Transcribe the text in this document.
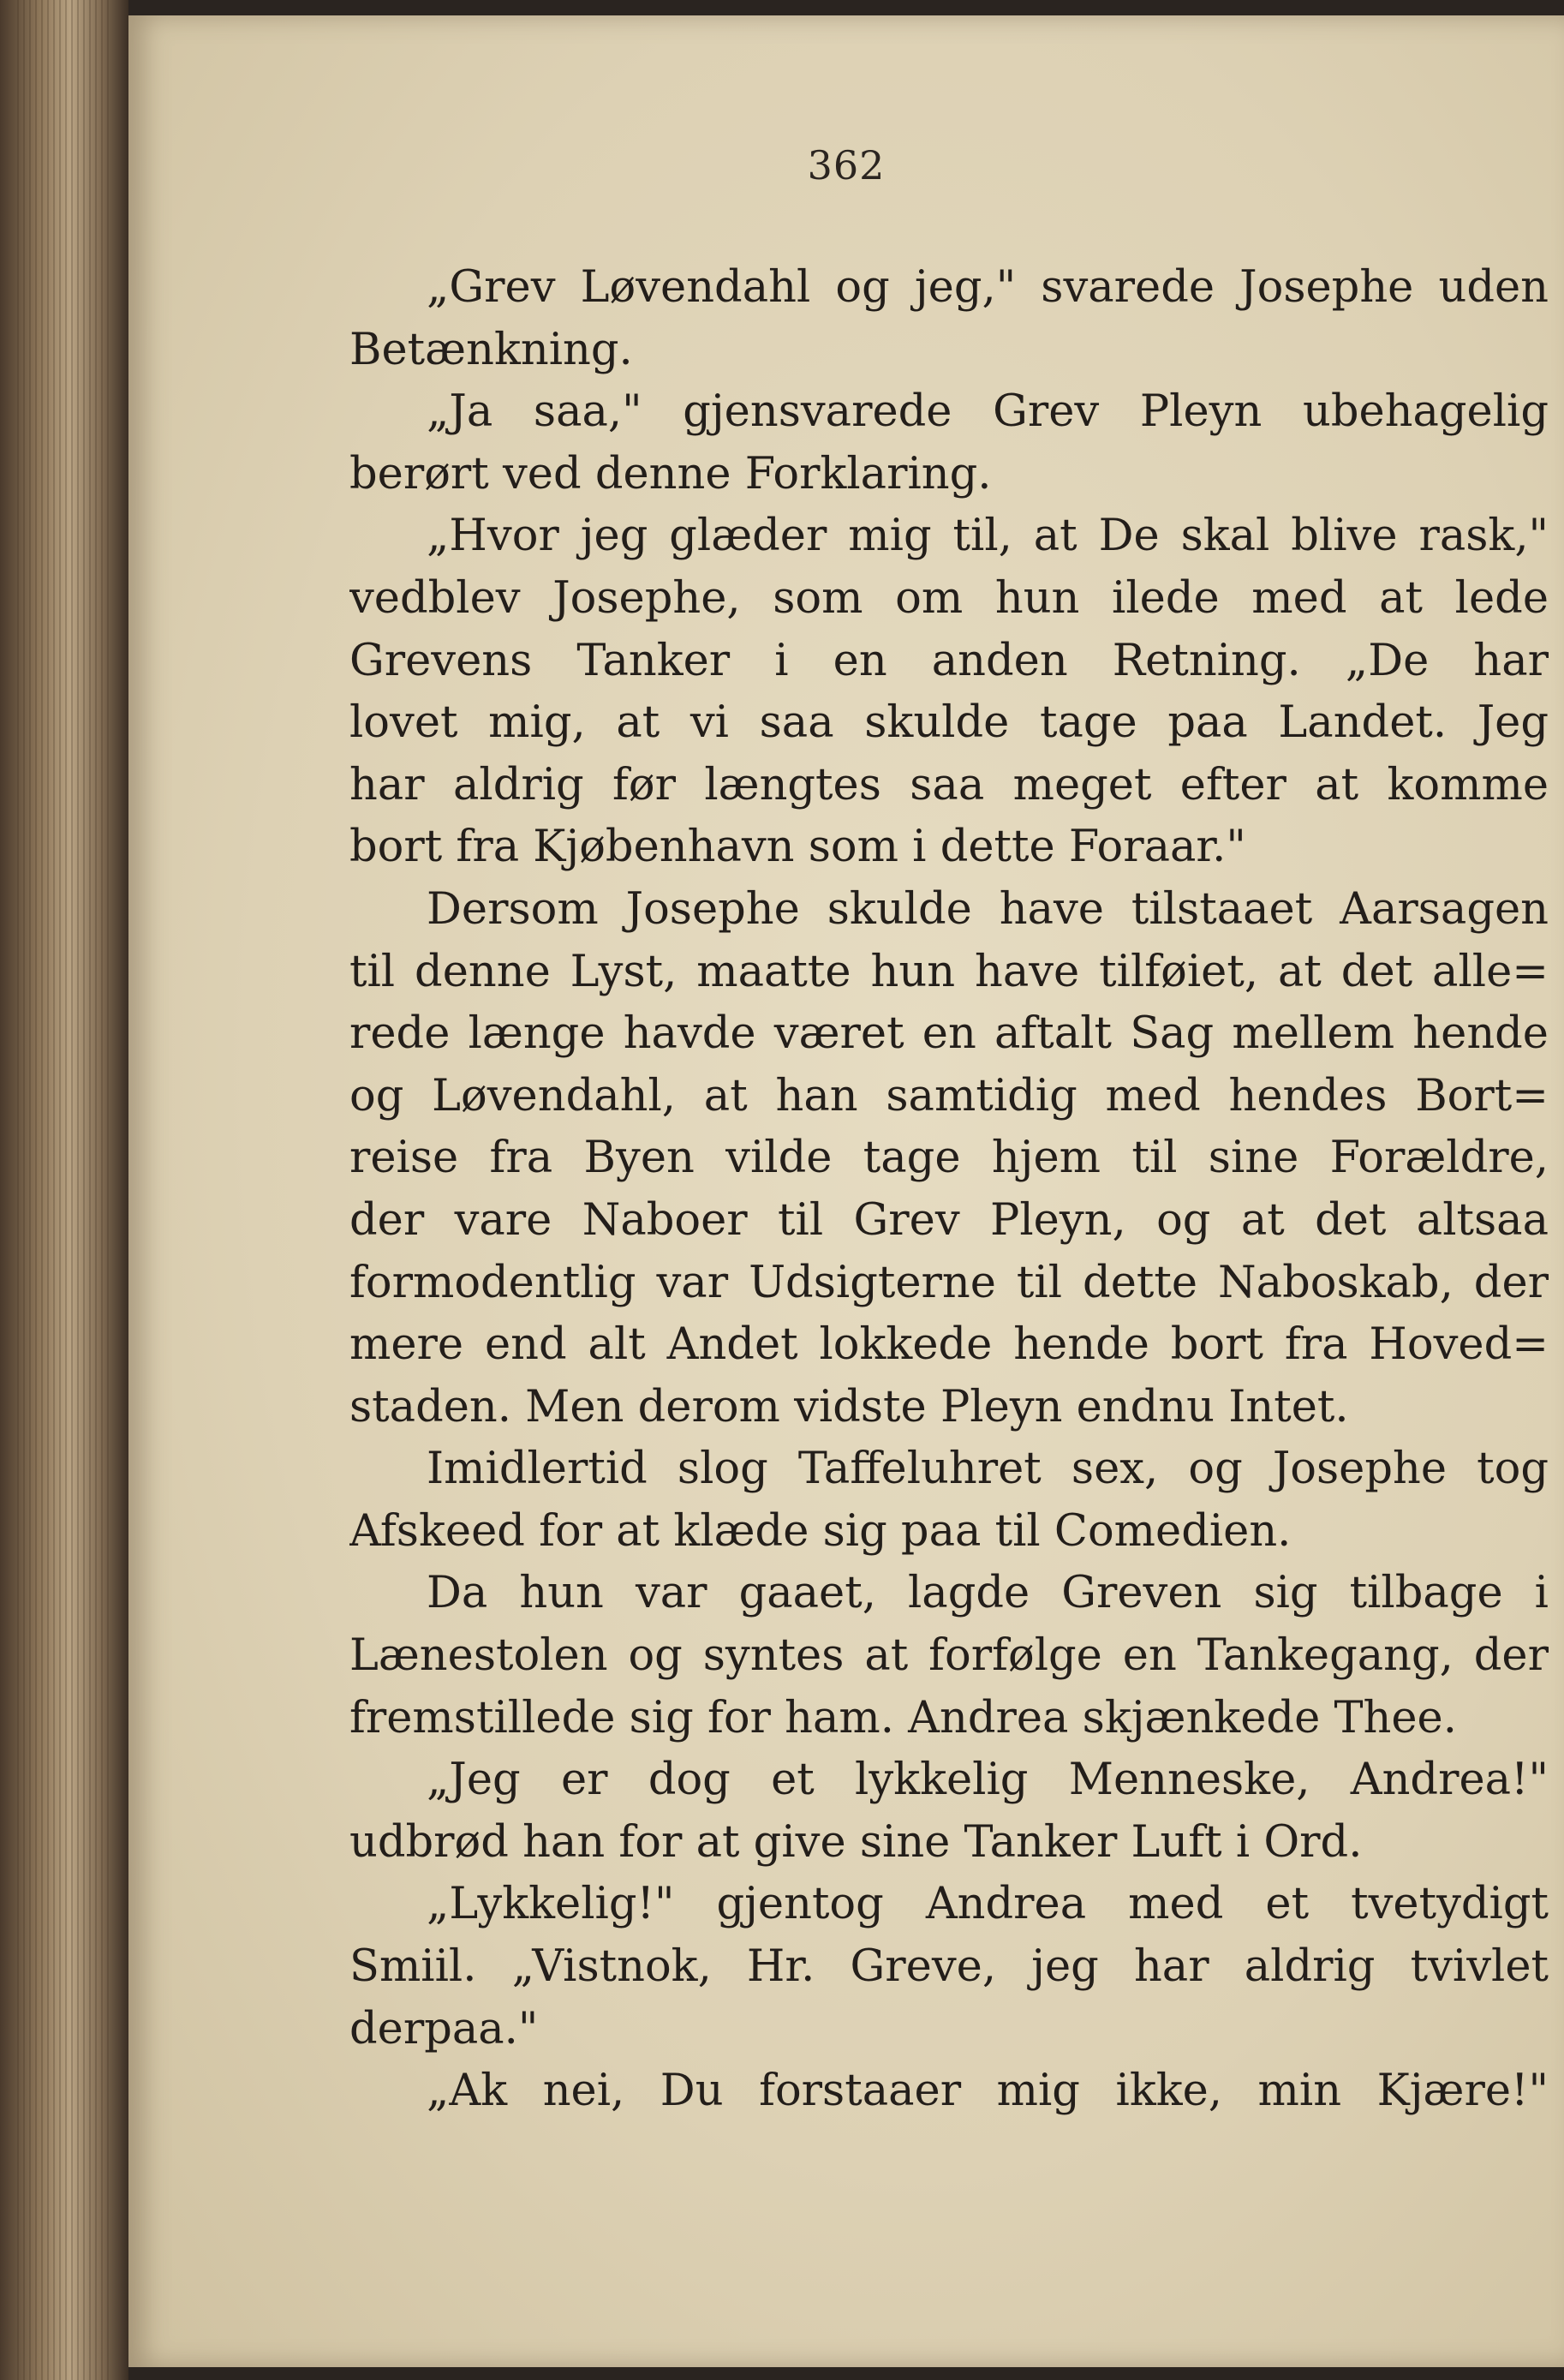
362
„Grev Løvendahl og jeg," svarede Josephe uden
Betænkning.
„Ja saa," gjensvarede Grev Pleyn ubehagelig
berørt ved denne Forklaring.
„Hvor jeg glæder mig til, at De skal blive rask,"
vedblev Josephe, som om hun ilede med at lede
Grevens Tanker i en anden Retning. „De har
lovet mig, at vi saa skulde tage paa Landet. Jeg
har aldrig før længtes saa meget efter at komme
bort fra Kjøbenhavn som i dette Foraar."
Dersom Josephe skulde have tilstaaet Aarsagen
til denne Lyst, maatte hun have tilføiet, at det alle=
rede længe havde været en aftalt Sag mellem hende
og Løvendahl, at han samtidig med hendes Bort=
reise fra Byen vilde tage hjem til sine Forældre,
der vare Naboer til Grev Pleyn, og at det altsaa
formodentlig var Udsigterne til dette Naboskab, der
mere end alt Andet lokkede hende bort fra Hoved=
staden. Men derom vidste Pleyn endnu Intet.
Imidlertid slog Taffeluhret sex, og Josephe tog
Afskeed for at klæde sig paa til Comedien.
Da hun var gaaet, lagde Greven sig tilbage i
Lænestolen og syntes at forfølge en Tankegang, der
fremstillede sig for ham. Andrea skjænkede Thee.
„Jeg er dog et lykkelig Menneske, Andrea!"
udbrød han for at give sine Tanker Luft i Ord.
„Lykkelig!" gjentog Andrea med et tvetydigt
Smiil. „Vistnok, Hr. Greve, jeg har aldrig tvivlet
derpaa."
„Ak nei, Du forstaaer mig ikke, min Kjære!"
